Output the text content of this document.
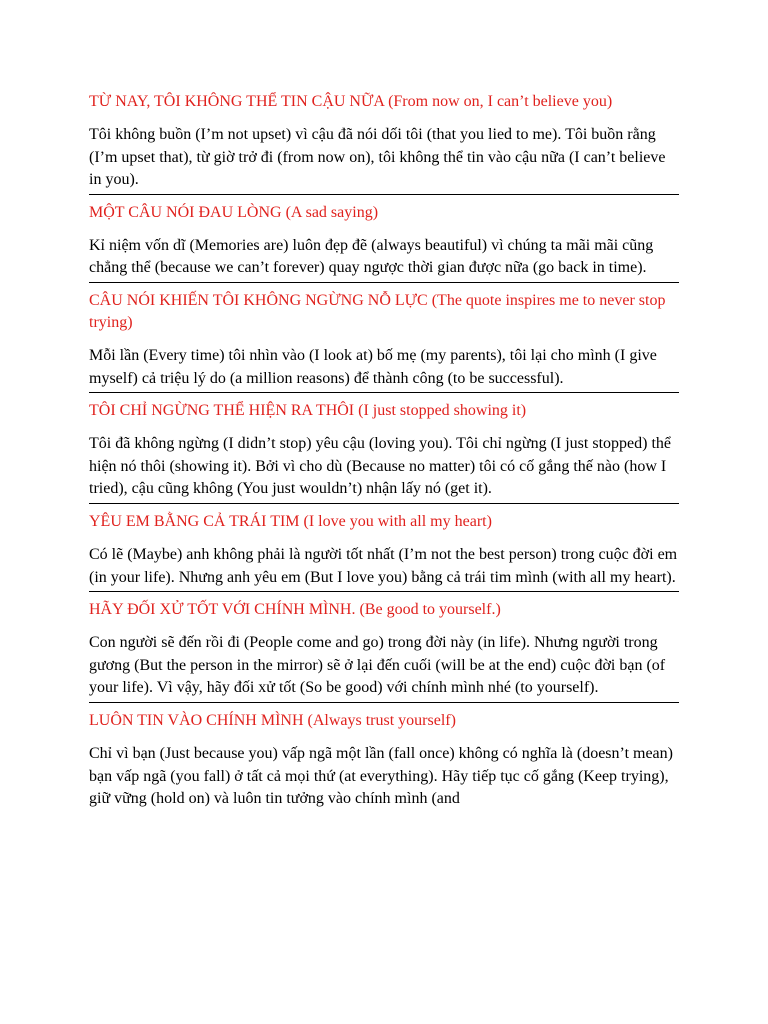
TỪ NAY, TÔI KHÔNG THỂ TIN CẬU NỮA (From now on, I can’t believe you)

Tôi không buồn (I’m not upset) vì cậu đã nói dối tôi (that you lied to me). Tôi buồn rằng (I’m upset that), từ giờ trở đi (from now on), tôi không thể tin vào cậu nữa (I can’t believe in you).

MỘT CÂU NÓI ĐAU LÒNG (A sad saying)

Kỉ niệm vốn dĩ (Memories are) luôn đẹp đẽ (always beautiful) vì chúng ta mãi mãi cũng chẳng thể (because we can’t forever) quay ngược thời gian được nữa (go back in time).

CÂU NÓI KHIẾN TÔI KHÔNG NGỪNG NỖ LỰC (The quote inspires me to never stop trying)

Mỗi lần (Every time) tôi nhìn vào (I look at) bố mẹ (my parents), tôi lại cho mình (I give myself) cả triệu lý do (a million reasons) để thành công (to be successful).

TÔI CHỈ NGỪNG THỂ HIỆN RA THÔI (I just stopped showing it)

Tôi đã không ngừng (I didn’t stop) yêu cậu (loving you). Tôi chỉ ngừng (I just stopped) thể hiện nó thôi (showing it). Bởi vì cho dù (Because no matter) tôi có cố gắng thế nào (how I tried), cậu cũng không (You just wouldn’t) nhận lấy nó (get it).

YÊU EM BẰNG CẢ TRÁI TIM (I love you with all my heart)

Có lẽ (Maybe) anh không phải là người tốt nhất (I’m not the best person) trong cuộc đời em (in your life). Nhưng anh yêu em (But I love you) bằng cả trái tim mình (with all my heart).

HÃY ĐỐI XỬ TỐT VỚI CHÍNH MÌNH. (Be good to yourself.)

Con người sẽ đến rồi đi (People come and go) trong đời này (in life). Nhưng người trong gương (But the person in the mirror) sẽ ở lại đến cuối (will be at the end) cuộc đời bạn (of your life). Vì vậy, hãy đối xử tốt (So be good) với chính mình nhé (to yourself).

LUÔN TIN VÀO CHÍNH MÌNH (Always trust yourself)

Chỉ vì bạn (Just because you) vấp ngã một lần (fall once) không có nghĩa là (doesn’t mean) bạn vấp ngã (you fall) ở tất cả mọi thứ (at everything). Hãy tiếp tục cố gắng (Keep trying), giữ vững (hold on) và luôn tin tưởng vào chính mình (and
